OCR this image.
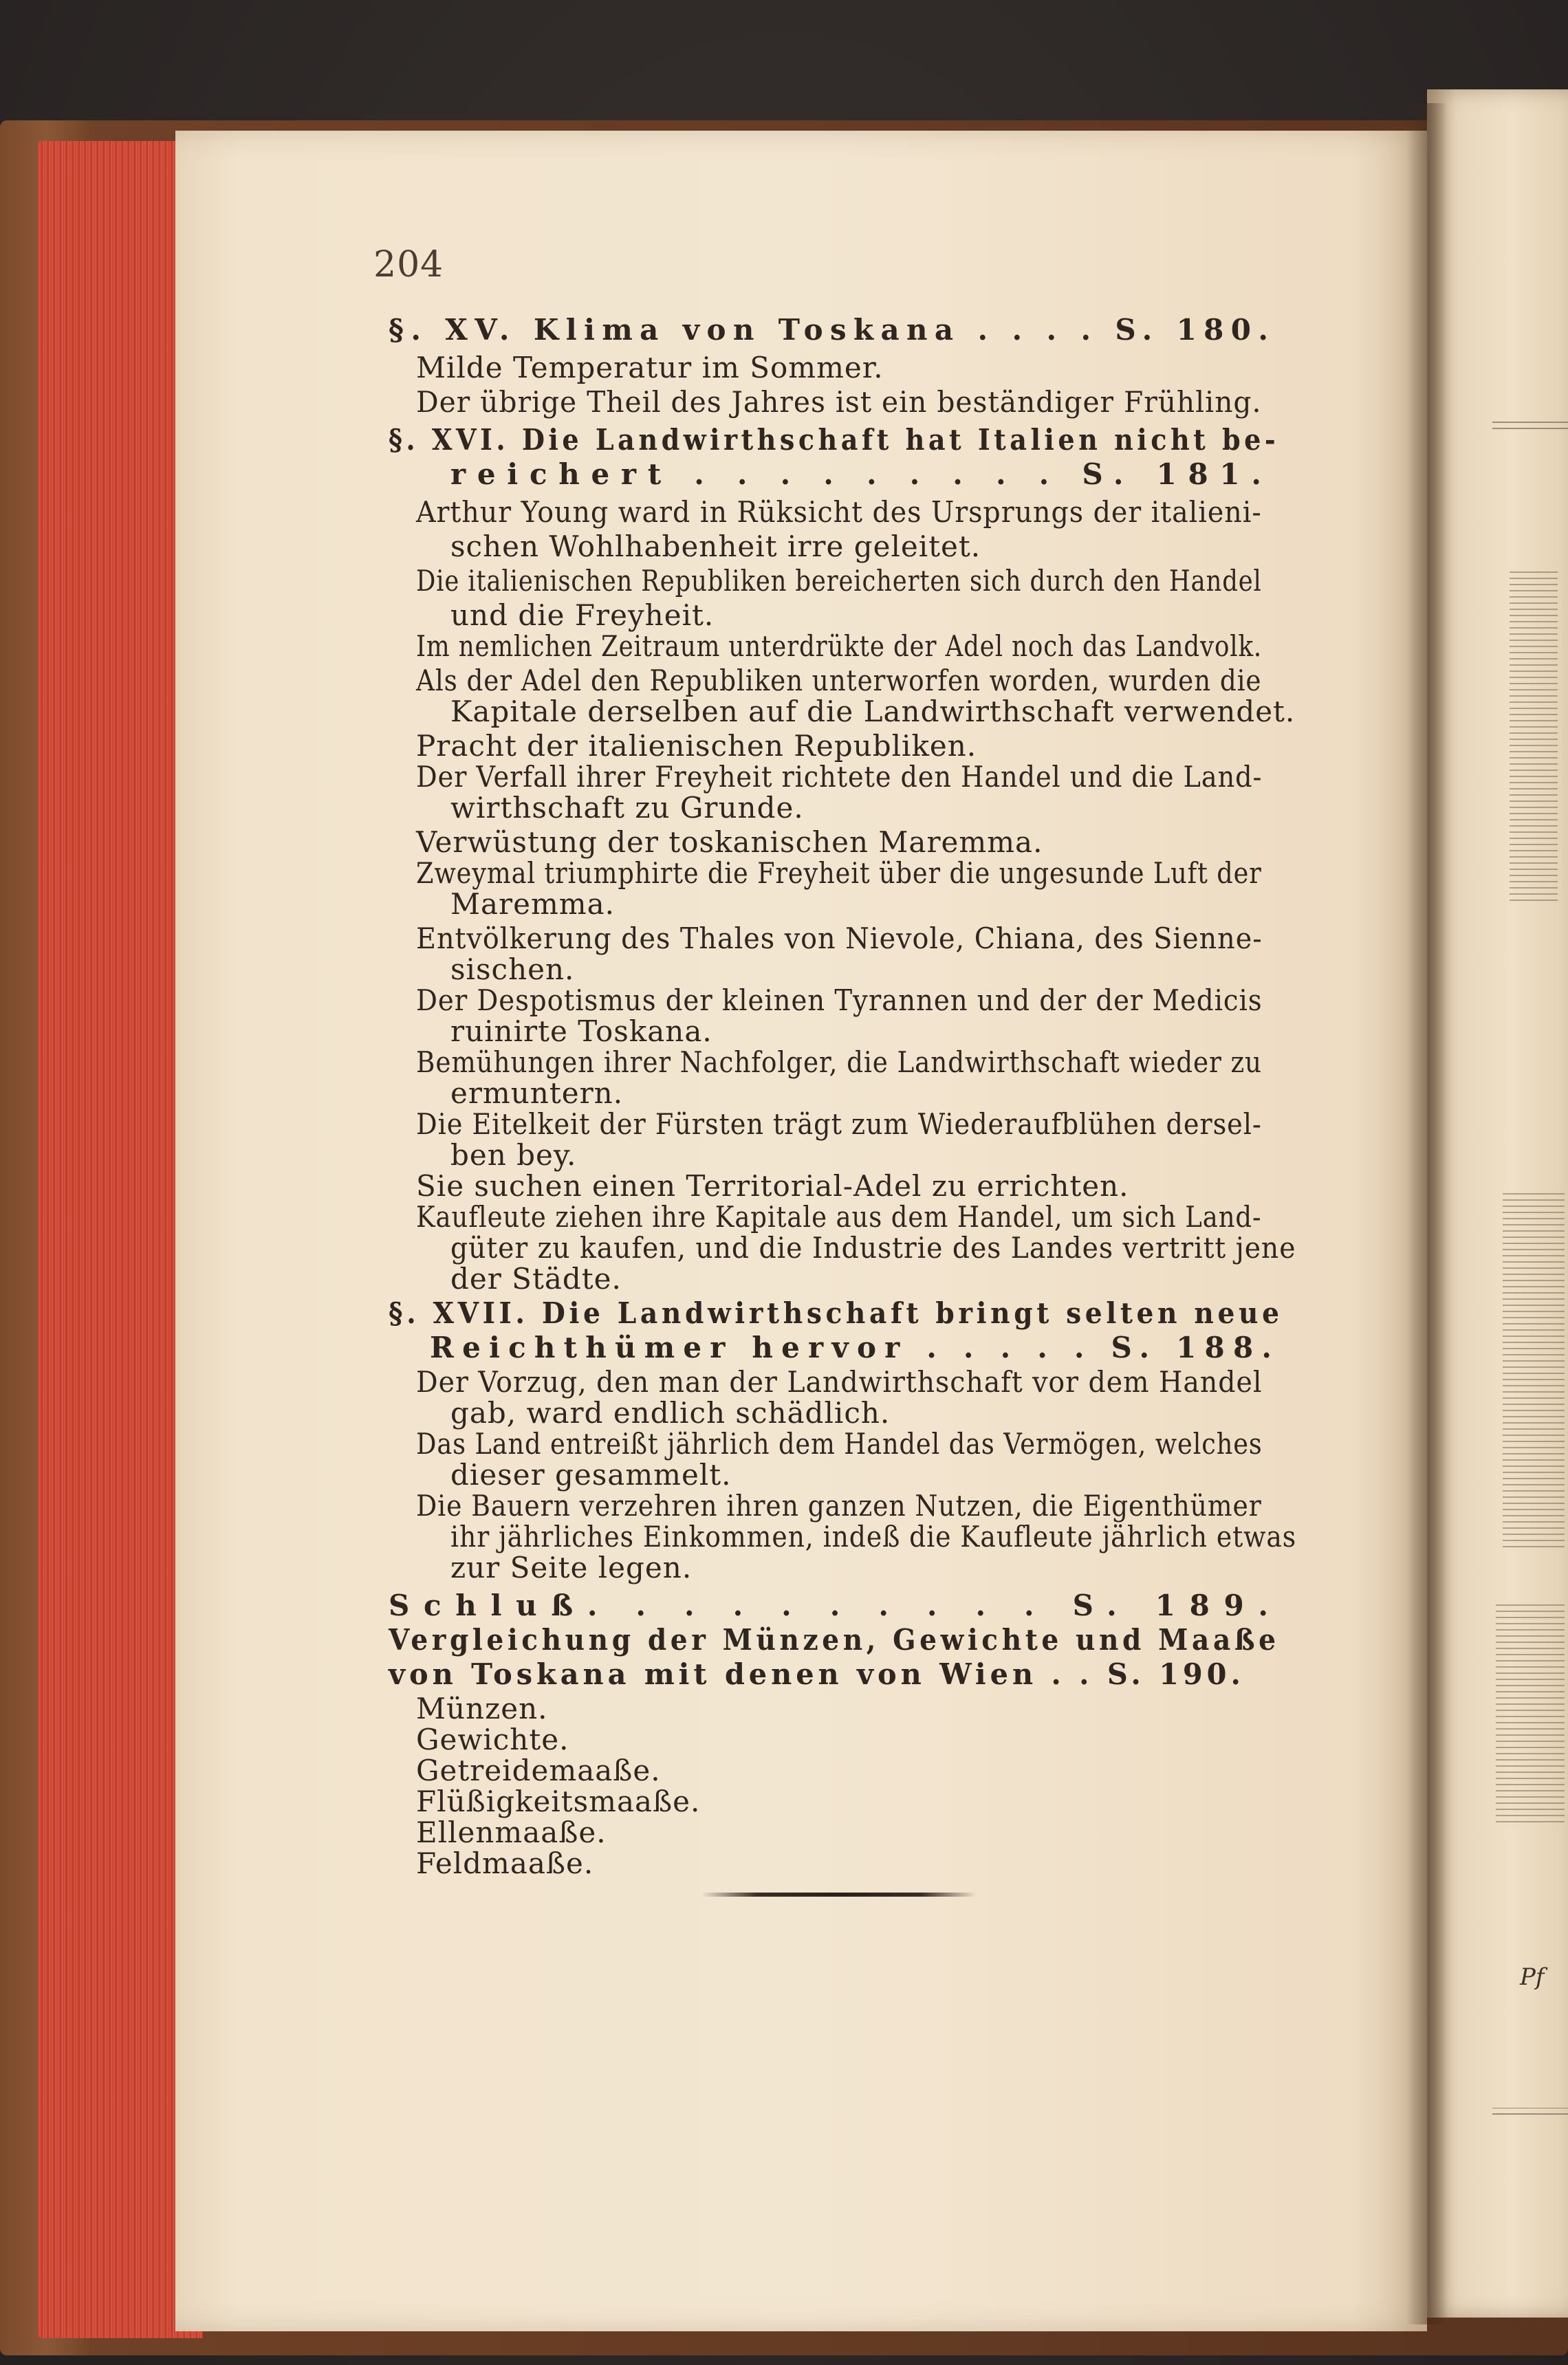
Pf
204
§. XV. Klima von Toskana . . . . S. 180.
Milde Temperatur im Sommer.
Der übrige Theil des Jahres ist ein beständiger Frühling.
§. XVI. Die Landwirthschaft hat Italien nicht be-
reichert . . . . . . . . . S. 181.
Arthur Young ward in Rüksicht des Ursprungs der italieni-
schen Wohlhabenheit irre geleitet.
Die italienischen Republiken bereicherten sich durch den Handel
und die Freyheit.
Im nemlichen Zeitraum unterdrükte der Adel noch das Landvolk.
Als der Adel den Republiken unterworfen worden, wurden die
Kapitale derselben auf die Landwirthschaft verwendet.
Pracht der italienischen Republiken.
Der Verfall ihrer Freyheit richtete den Handel und die Land-
wirthschaft zu Grunde.
Verwüstung der toskanischen Maremma.
Zweymal triumphirte die Freyheit über die ungesunde Luft der
Maremma.
Entvölkerung des Thales von Nievole, Chiana, des Sienne-
sischen.
Der Despotismus der kleinen Tyrannen und der der Medicis
ruinirte Toskana.
Bemühungen ihrer Nachfolger, die Landwirthschaft wieder zu
ermuntern.
Die Eitelkeit der Fürsten trägt zum Wiederaufblühen dersel-
ben bey.
Sie suchen einen Territorial-Adel zu errichten.
Kaufleute ziehen ihre Kapitale aus dem Handel, um sich Land-
güter zu kaufen, und die Industrie des Landes vertritt jene
der Städte.
§. XVII. Die Landwirthschaft bringt selten neue
Reichthümer hervor . . . . . S. 188.
Der Vorzug, den man der Landwirthschaft vor dem Handel
gab, ward endlich schädlich.
Das Land entreißt jährlich dem Handel das Vermögen, welches
dieser gesammelt.
Die Bauern verzehren ihren ganzen Nutzen, die Eigenthümer
ihr jährliches Einkommen, indeß die Kaufleute jährlich etwas
zur Seite legen.
Schluß. . . . . . . . . . S. 189.
Vergleichung der Münzen, Gewichte und Maaße
von Toskana mit denen von Wien . . S. 190.
Münzen.
Gewichte.
Getreidemaaße.
Flüßigkeitsmaaße.
Ellenmaaße.
Feldmaaße.
